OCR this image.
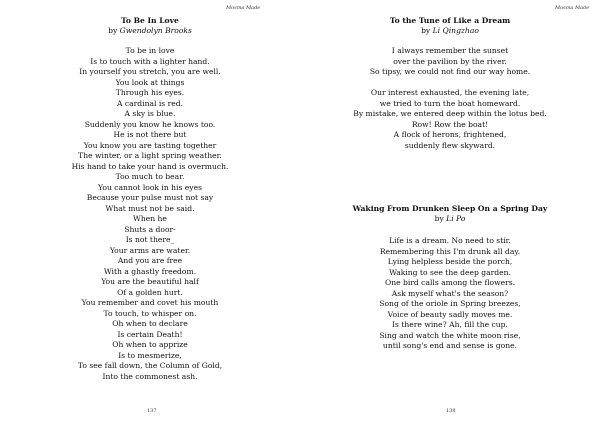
Mosma Made
To Be In Love
by Gwendolyn Brooks
To be in love
Is to touch with a lighter hand.
In yourself you stretch, you are well.
You look at things
Through his eyes.
A cardinal is red.
A sky is blue.
Suddenly you know he knows too.
He is not there but
You know you are tasting together
The winter, or a light spring weather.
His hand to take your hand is overmuch.
Too much to bear.
You cannot look in his eyes
Because your pulse must not say
What must not be said.
When he
Shuts a door-
Is not there_
Your arms are water.
And you are free
With a ghastly freedom.
You are the beautiful half
Of a golden hurt.
You remember and covet his mouth
To touch, to whisper on.
Oh when to declare
Is certain Death!
Oh when to apprize
Is to mesmerize,
To see fall down, the Column of Gold,
Into the commonest ash.
137
Mosma Made
To the Tune of Like a Dream
by Li Qingzhao
I always remember the sunset
over the pavilion by the river.
So tipsy, we could not find our way home.
Our interest exhausted, the evening late,
we tried to turn the boat homeward.
By mistake, we entered deep within the lotus bed.
Row! Row the boat!
A flock of herons, frightened,
suddenly flew skyward.
Waking From Drunken Sleep On a Spring Day
by Li Po
Life is a dream. No need to stir.
Remembering this I'm drunk all day.
Lying helpless beside the porch,
Waking to see the deep garden.
One bird calls among the flowers.
Ask myself what's the season?
Song of the oriole in Spring breezes,
Voice of beauty sadly moves me.
Is there wine? Ah, fill the cup.
Sing and watch the white moon rise,
until song's end and sense is gone.
138
